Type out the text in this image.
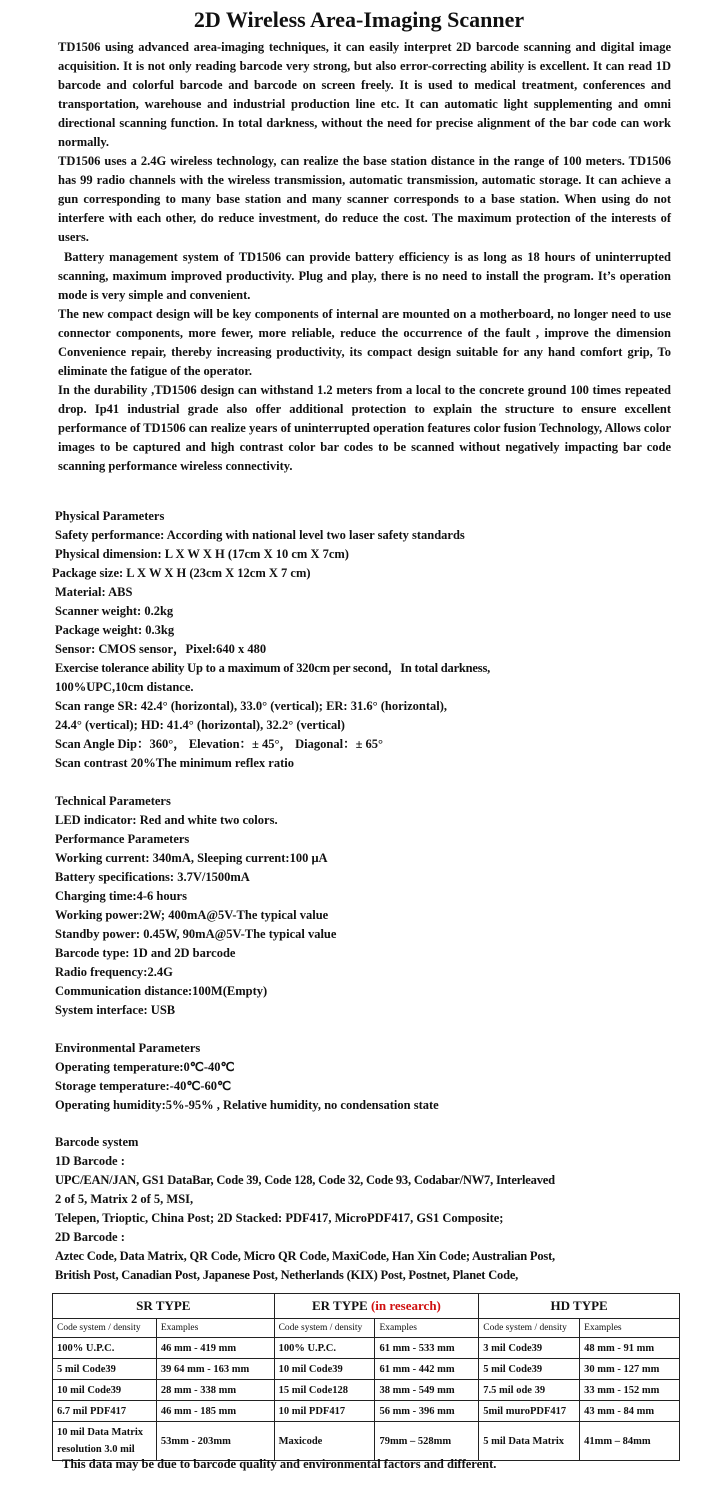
2D Wireless Area-Imaging Scanner

TD1506 using advanced area-imaging techniques, it can easily interpret 2D barcode scanning and digital image acquisition. It is not only reading barcode very strong, but also error-correcting ability is excellent. It can read 1D barcode and colorful barcode and barcode on screen freely. It is used to medical treatment, conferences and transportation, warehouse and industrial production line etc. It can automatic light supplementing and omni directional scanning function. In total darkness, without the need for precise alignment of the bar code can work normally.

TD1506 uses a 2.4G wireless technology, can realize the base station distance in the range of 100 meters. TD1506 has 99 radio channels with the wireless transmission, automatic transmission, automatic storage. It can achieve a gun corresponding to many base station and many scanner corresponds to a base station. When using do not interfere with each other, do reduce investment, do reduce the cost. The maximum protection of the interests of users.

Battery management system of TD1506 can provide battery efficiency is as long as 18 hours of uninterrupted scanning, maximum improved productivity. Plug and play, there is no need to install the program. It’s operation mode is very simple and convenient.

The new compact design will be key components of internal are mounted on a motherboard, no longer need to use connector components, more fewer, more reliable, reduce the occurrence of the fault , improve the dimension Convenience repair, thereby increasing productivity, its compact design suitable for any hand comfort grip, To eliminate the fatigue of the operator.

In the durability ,TD1506 design can withstand 1.2 meters from a local to the concrete ground 100 times repeated drop. Ip41 industrial grade also offer additional protection to explain the structure to ensure excellent performance of TD1506 can realize years of uninterrupted operation features color fusion Technology, Allows color images to be captured and high contrast color bar codes to be scanned without negatively impacting bar code scanning performance wireless connectivity.

Physical Parameters
Safety performance: According with national level two laser safety standards
Physical dimension: L X W X H (17cm X 10 cm X 7cm)
Package size: L X W X H (23cm X 12cm X 7 cm)
Material: ABS
Scanner weight: 0.2kg
Package weight: 0.3kg
Sensor: CMOS sensor，Pixel:640 x 480
Exercise tolerance ability Up to a maximum of 320cm per second，In total darkness,
100%UPC,10cm distance.
Scan range SR: 42.4° (horizontal), 33.0° (vertical); ER: 31.6° (horizontal),
24.4° (vertical); HD: 41.4° (horizontal), 32.2° (vertical)
Scan Angle Dip：360°， Elevation：± 45°， Diagonal：± 65°
Scan contrast 20%The minimum reflex ratio
Technical Parameters
LED indicator: Red and white two colors.
Performance Parameters
Working current: 340mA, Sleeping current:100 μA
Battery specifications: 3.7V/1500mA
Charging time:4-6 hours
Working power:2W; 400mA@5V-The typical value
Standby power: 0.45W, 90mA@5V-The typical value
Barcode type: 1D and 2D barcode
Radio frequency:2.4G
Communication distance:100M(Empty)
System interface: USB
Environmental Parameters
Operating temperature:0℃-40℃
Storage temperature:-40℃-60℃
Operating humidity:5%-95% , Relative humidity, no condensation state
Barcode system
1D Barcode :
UPC/EAN/JAN, GS1 DataBar, Code 39, Code 128, Code 32, Code 93, Codabar/NW7, Interleaved
2 of 5, Matrix 2 of 5, MSI,
Telepen, Trioptic, China Post; 2D Stacked: PDF417, MicroPDF417, GS1 Composite;
2D Barcode :
Aztec Code, Data Matrix, QR Code, Micro QR Code, MaxiCode, Han Xin Code; Australian Post,
British Post, Canadian Post, Japanese Post, Netherlands (KIX) Post, Postnet, Planet Code,
SR TYPE		ER TYPE (in research)		HD TYPE	
Code system / density	Examples	Code system / density	Examples	Code system / density	Examples
100% U.P.C.	46 mm - 419 mm	100% U.P.C.	61 mm - 533 mm	3 mil Code39	48 mm - 91 mm
5 mil Code39	39 64 mm - 163 mm	10 mil Code39	61 mm - 442 mm	5 mil Code39	30 mm - 127 mm
10 mil Code39	28 mm - 338 mm	15 mil Code128	38 mm - 549 mm	7.5 mil ode 39	33 mm - 152 mm
6.7 mil PDF417	46 mm - 185 mm	10 mil PDF417	56 mm - 396 mm	5mil muroPDF417	43 mm - 84 mm
10 mil Data Matrix resolution 3.0 mil	53mm - 203mm	Maxicode	79mm – 528mm	5 mil Data Matrix	41mm – 84mm
This data may be due to barcode quality and environmental factors and different.
